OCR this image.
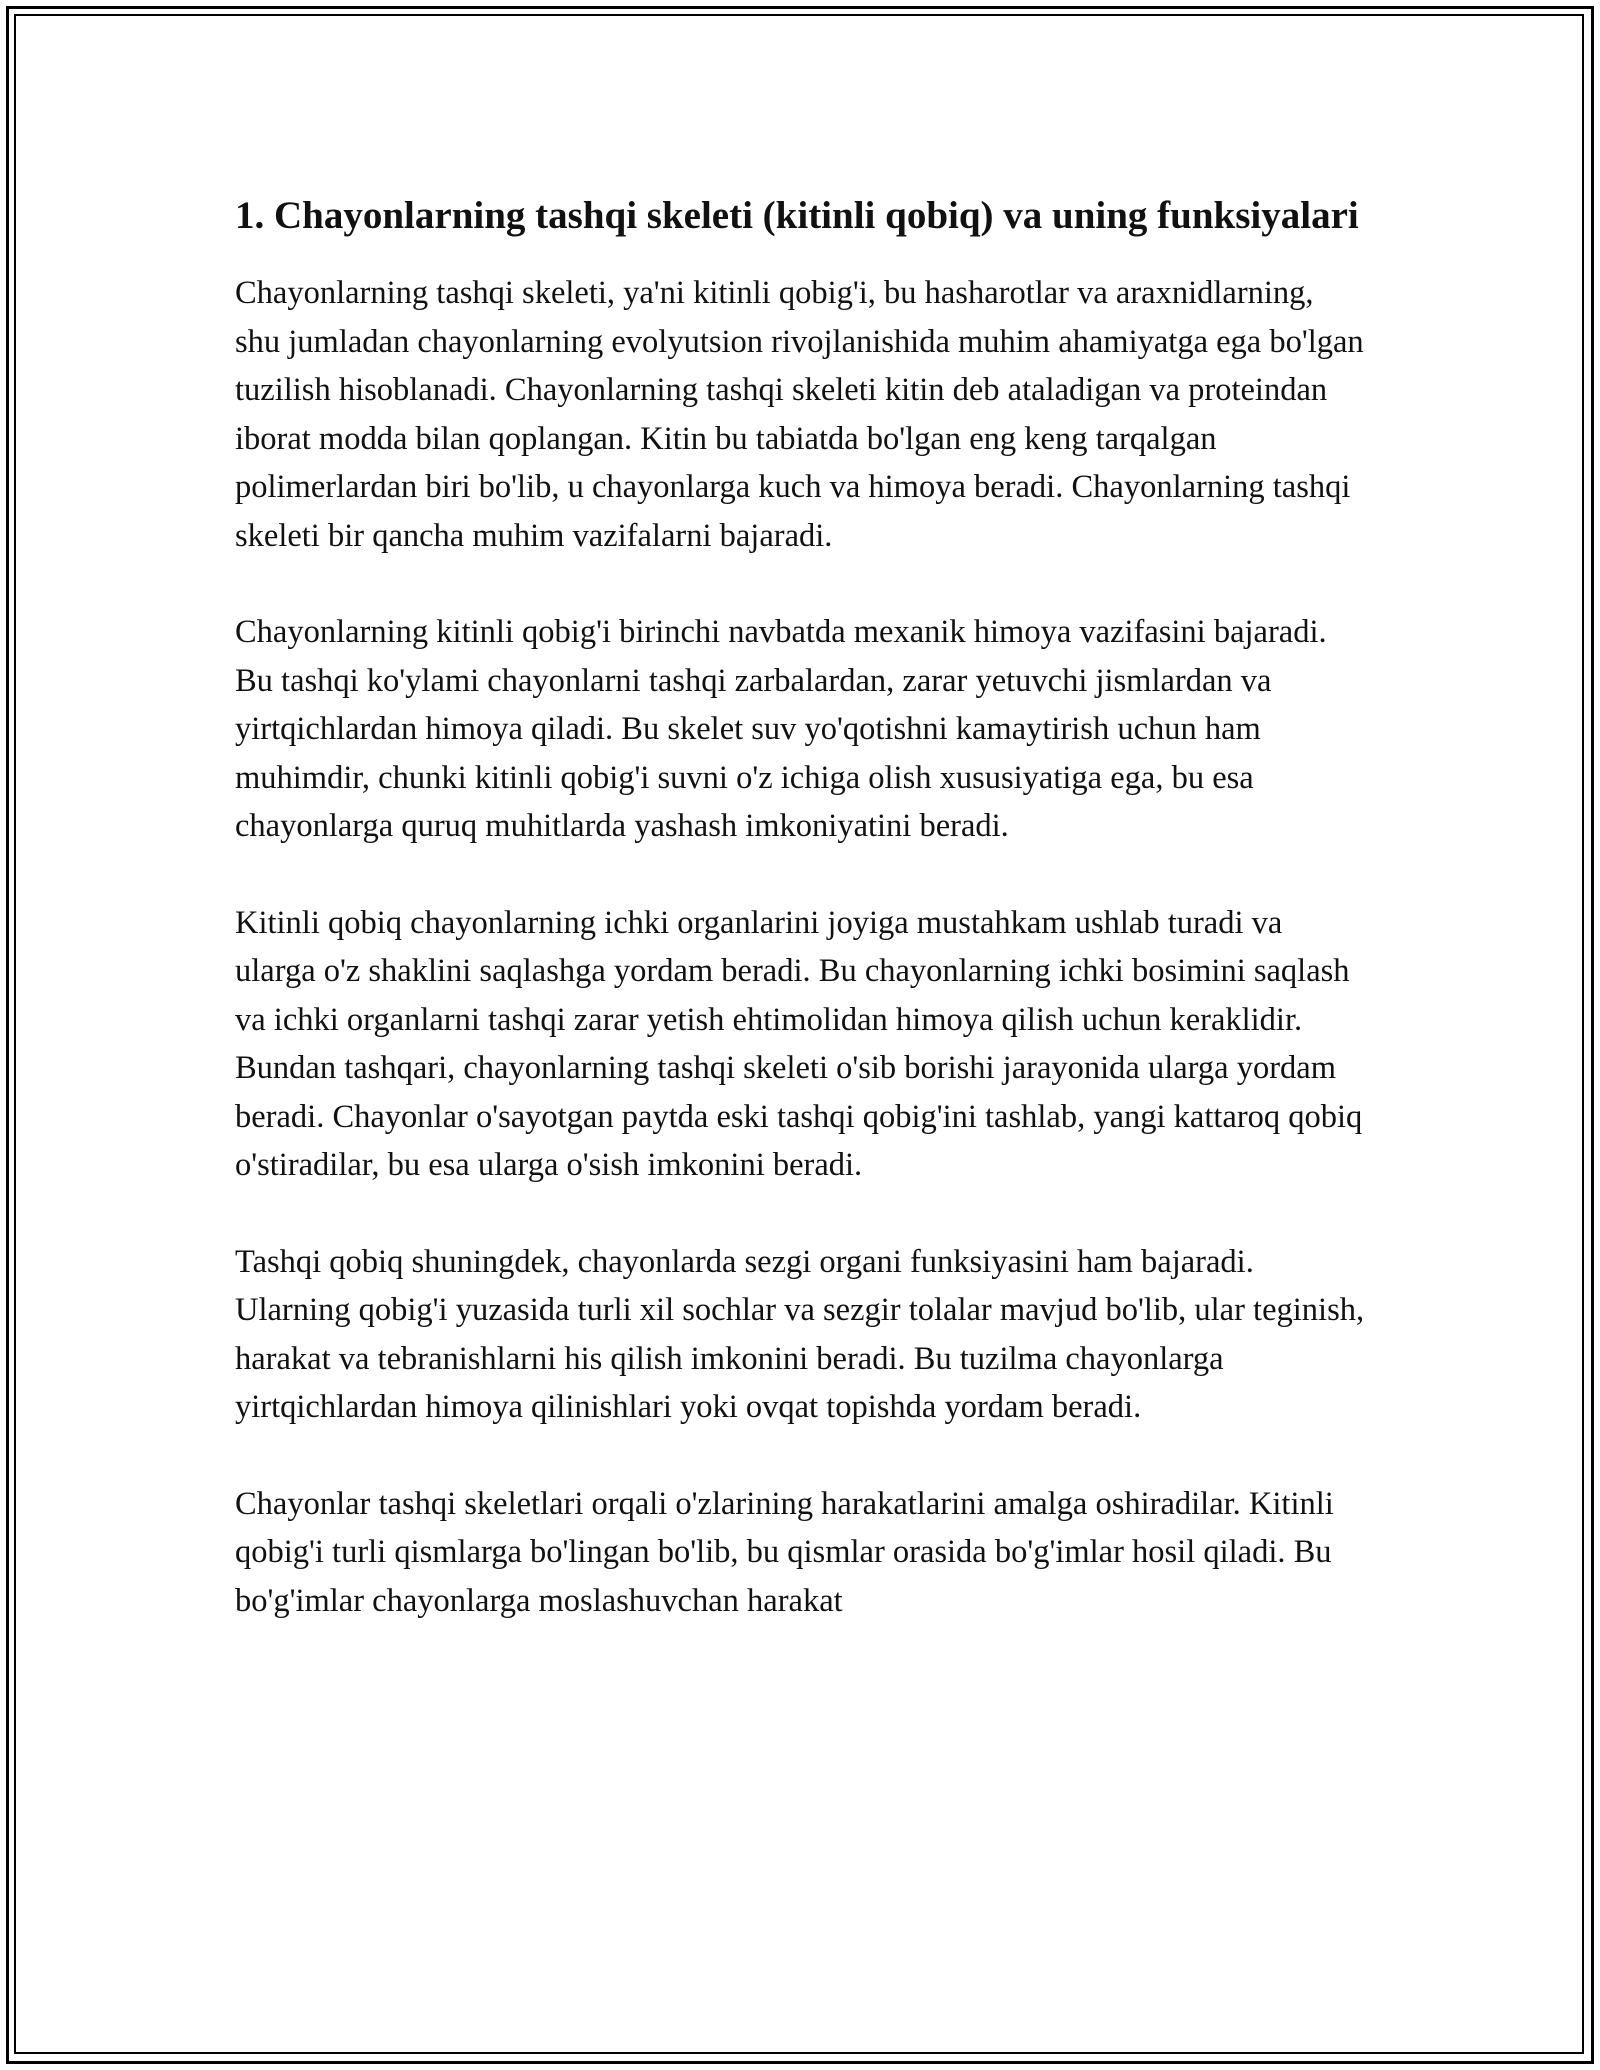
1. Chayonlarning tashqi skeleti (kitinli qobiq) va uning funksiyalari

Chayonlarning tashqi skeleti, ya'ni kitinli qobig'i, bu hasharotlar va araxnidlarning, shu jumladan chayonlarning evolyutsion rivojlanishida muhim ahamiyatga ega bo'lgan tuzilish hisoblanadi. Chayonlarning tashqi skeleti kitin deb ataladigan va proteindan iborat modda bilan qoplangan. Kitin bu tabiatda bo'lgan eng keng tarqalgan polimerlardan biri bo'lib, u chayonlarga kuch va himoya beradi. Chayonlarning tashqi skeleti bir qancha muhim vazifalarni bajaradi.

Chayonlarning kitinli qobig'i birinchi navbatda mexanik himoya vazifasini bajaradi. Bu tashqi ko'ylami chayonlarni tashqi zarbalardan, zarar yetuvchi jismlardan va yirtqichlardan himoya qiladi. Bu skelet suv yo'qotishni kamaytirish uchun ham muhimdir, chunki kitinli qobig'i suvni o'z ichiga olish xususiyatiga ega, bu esa chayonlarga quruq muhitlarda yashash imkoniyatini beradi.

Kitinli qobiq chayonlarning ichki organlarini joyiga mustahkam ushlab turadi va ularga o'z shaklini saqlashga yordam beradi. Bu chayonlarning ichki bosimini saqlash va ichki organlarni tashqi zarar yetish ehtimolidan himoya qilish uchun keraklidir. Bundan tashqari, chayonlarning tashqi skeleti o'sib borishi jarayonida ularga yordam beradi. Chayonlar o'sayotgan paytda eski tashqi qobig'ini tashlab, yangi kattaroq qobiq o'stiradilar, bu esa ularga o'sish imkonini beradi.

Tashqi qobiq shuningdek, chayonlarda sezgi organi funksiyasini ham bajaradi. Ularning qobig'i yuzasida turli xil sochlar va sezgir tolalar mavjud bo'lib, ular teginish, harakat va tebranishlarni his qilish imkonini beradi. Bu tuzilma chayonlarga yirtqichlardan himoya qilinishlari yoki ovqat topishda yordam beradi.

Chayonlar tashqi skeletlari orqali o'zlarining harakatlarini amalga oshiradilar. Kitinli qobig'i turli qismlarga bo'lingan bo'lib, bu qismlar orasida bo'g'imlar hosil qiladi. Bu bo'g'imlar chayonlarga moslashuvchan harakat
